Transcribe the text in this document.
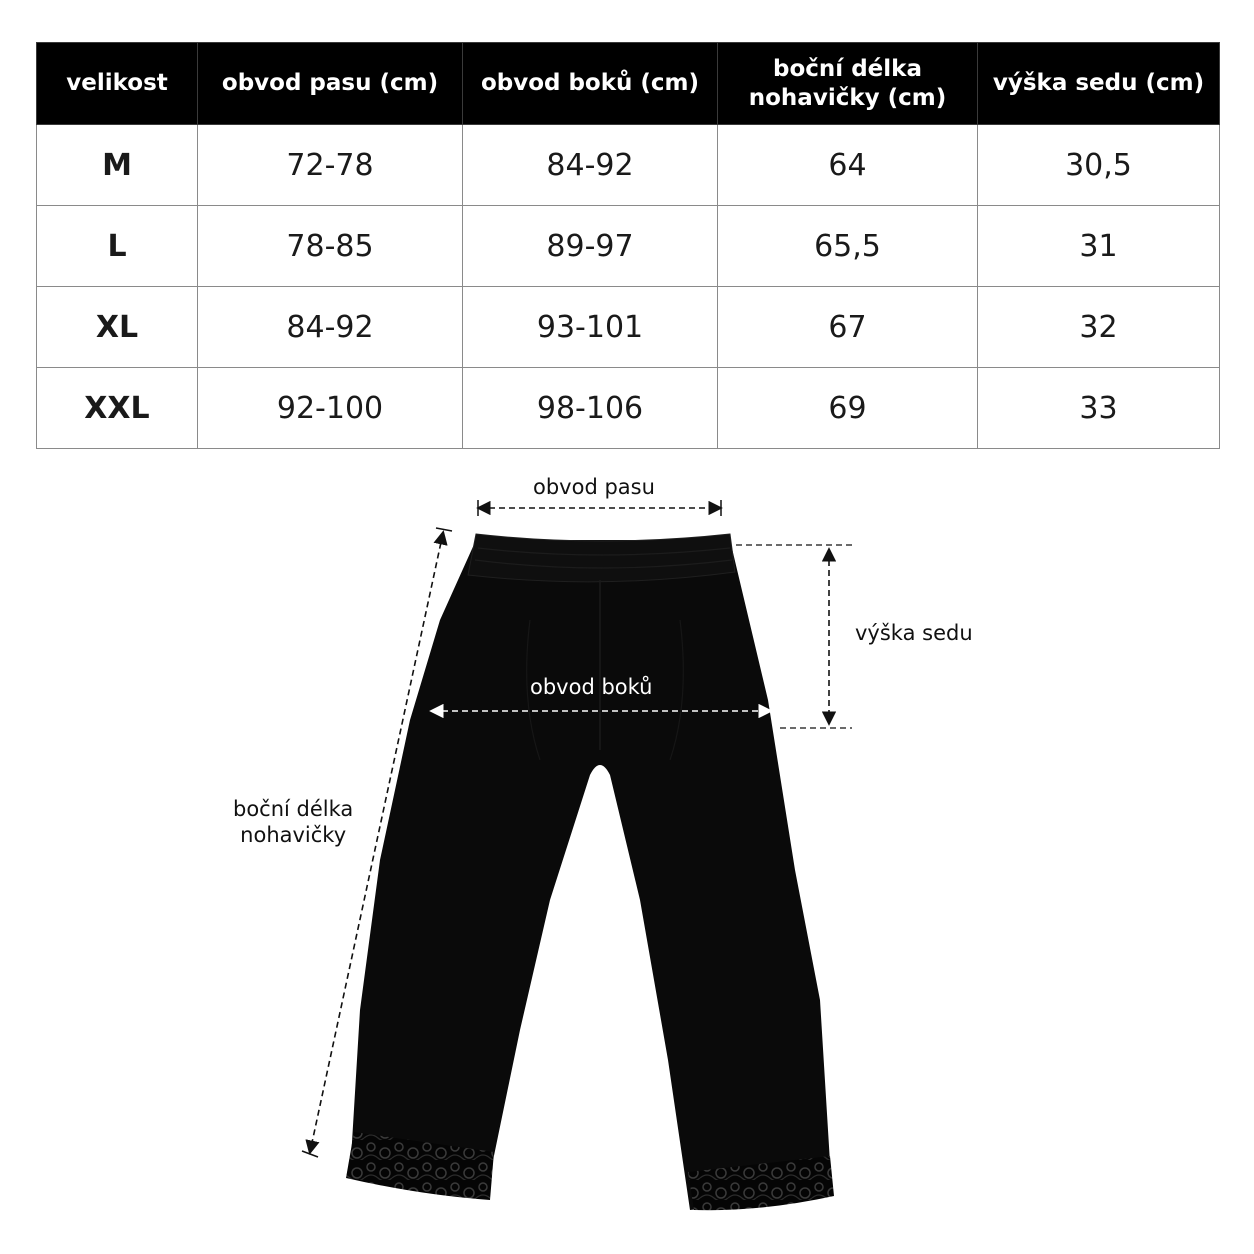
velikost	obvod pasu (cm)	obvod boků (cm)	boční délka nohavičky (cm)	výška sedu (cm)
M	72-78	84-92	64	30,5
L	78-85	89-97	65,5	31
XL	84-92	93-101	67	32
XXL	92-100	98-106	69	33
obvod pasu
výška sedu
obvod boků
boční délka
nohavičky
